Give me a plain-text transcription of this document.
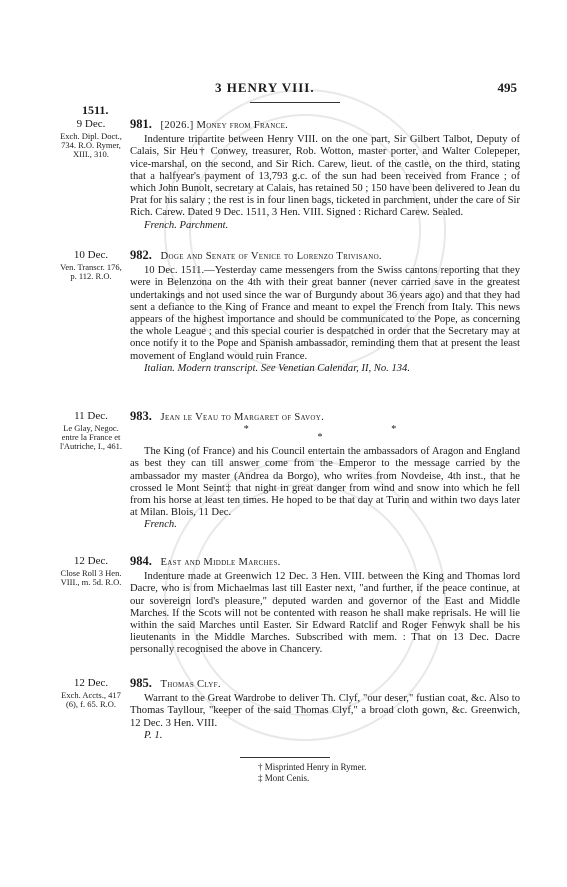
3 HENRY VIII.	495
1511.
9 Dec.
Exch. Dipl. Doct., 734. R.O. Rymer, XIII., 310.
981. [2026.] Money from France.

Indenture tripartite between Henry VIII. on the one part, Sir Gilbert Talbot, Deputy of Calais, Sir Heu† Conwey, treasurer, Rob. Wotton, master porter, and Walter Colepeper, vice-marshal, on the second, and Sir Rich. Carew, lieut. of the castle, on the third, stating that a halfyear's payment of 13,793 g.c. of the sun had been received from France ; of which John Bunolt, secretary at Calais, has retained 50 ; 150 have been delivered to Jean du Prat for his salary ; the rest is in four linen bags, ticketed in parchment, under the care of Sir Rich. Carew. Dated 9 Dec. 1511, 3 Hen. VIII. Signed : Richard Carew. Sealed.

French. Parchment.

10 Dec.
Ven. Transcr. 176, p. 112. R.O.
982. Doge and Senate of Venice to Lorenzo Trivisano.

10 Dec. 1511.—Yesterday came messengers from the Swiss cantons reporting that they were in Belenzona on the 4th with their great banner (never carried save in the greatest undertakings and not used since the war of Burgundy about 36 years ago) and that they had sent a defiance to the King of France and meant to expel the French from Italy. This news appears of the highest importance and should be communicated to the Pope, as concerning the whole League ; and this special courier is despatched in order that the Secretary may at once notify it to the Pope and Spanish ambassador, reminding them that at present the least movement of England would ruin France.

Italian. Modern transcript. See Venetian Calendar, II, No. 134.

11 Dec.
Le Glay, Negoc. entre la France et l'Autriche, I., 461.
983. Jean le Veau to Margaret of Savoy.

* * *

The King (of France) and his Council entertain the ambassadors of Aragon and England as best they can till answer come from the Emperor to the message carried by the ambassador my master (Andrea da Borgo), who writes from Novdeise, 4th inst., that he crossed le Mont Seint‡ that night in great danger from wind and snow into which he fell from his horse at least ten times. He hoped to be that day at Turin and within two days later at Milan. Blois, 11 Dec.

French.

12 Dec.
Close Roll 3 Hen. VIII., m. 5d. R.O.
984. East and Middle Marches.

Indenture made at Greenwich 12 Dec. 3 Hen. VIII. between the King and Thomas lord Dacre, who is from Michaelmas last till Easter next, "and further, if the peace continue, at our sovereign lord's pleasure," deputed warden and governor of the East and Middle Marches. If the Scots will not be contented with reason he shall make reprisals. He will lie within the said Marches until Easter. Sir Edward Ratclif and Roger Fenwyk shall be his lieutenants in the Middle Marches. Subscribed with mem. : That on 13 Dec. Dacre personally recognised the above in Chancery.

12 Dec.
Exch. Accts., 417 (6), f. 65. R.O.
985. Thomas Clyf.

Warrant to the Great Wardrobe to deliver Th. Clyf, "our deser," fustian coat, &c. Also to Thomas Tayllour, "keeper of the said Thomas Clyf," a broad cloth gown, &c. Greenwich, 12 Dec. 3 Hen. VIII.

P. 1.

† Misprinted Henry in Rymer.
‡ Mont Cenis.
